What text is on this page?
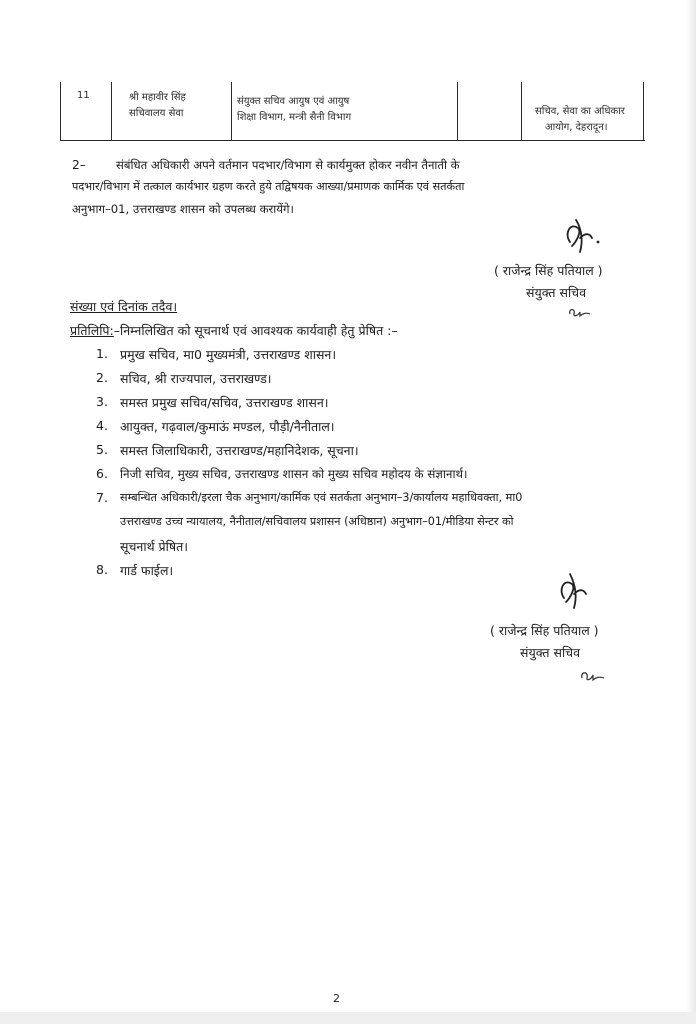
11	श्री महावीर सिंह
सचिवालय सेवा
संयुक्त सचिव आयुष एवं आयुष
शिक्षा विभाग, मन्त्री सैनी विभाग
सचिव, सेवा का अधिकार
आयोग, देहरादून।
2–	संबंधित अधिकारी अपने वर्तमान पदभार/विभाग से कार्यमुक्त होकर नवीन तैनाती के
पदभार/विभाग में तत्काल कार्यभार ग्रहण करते हुये तद्विषयक आख्या/प्रमाणक कार्मिक एवं सतर्कता
अनुभाग–01, उत्तराखण्ड शासन को उपलब्ध करायेंगे।
( राजेन्द्र सिंह पतियाल )
संयुक्त सचिव
संख्या एवं दिनांक तदैव।
प्रतिलिपि:–निम्नलिखित को सूचनार्थ एवं आवश्यक कार्यवाही हेतु प्रेषित :–
1. प्रमुख सचिव, मा0 मुख्यमंत्री, उत्तराखण्ड शासन।
2. सचिव, श्री राज्यपाल, उत्तराखण्ड।
3. समस्त प्रमुख सचिव/सचिव, उत्तराखण्ड शासन।
4. आयुक्त, गढ़वाल/कुमाऊं मण्डल, पौड़ी/नैनीताल।
5. समस्त जिलाधिकारी, उत्तराखण्ड/महानिदेशक, सूचना।
6. निजी सचिव, मुख्य सचिव, उत्तराखण्ड शासन को मुख्य सचिव महोदय के संज्ञानार्थ।
7. सम्बन्धित अधिकारी/इरला चैक अनुभाग/कार्मिक एवं सतर्कता अनुभाग–3/कार्यालय महाधिवक्ता, मा0
उत्तराखण्ड उच्च न्यायालय, नैनीताल/सचिवालय प्रशासन (अधिष्ठान) अनुभाग–01/मीडिया सेन्टर को
सूचनार्थ प्रेषित।
8. गार्ड फाईल।
( राजेन्द्र सिंह पतियाल )
संयुक्त सचिव
2
